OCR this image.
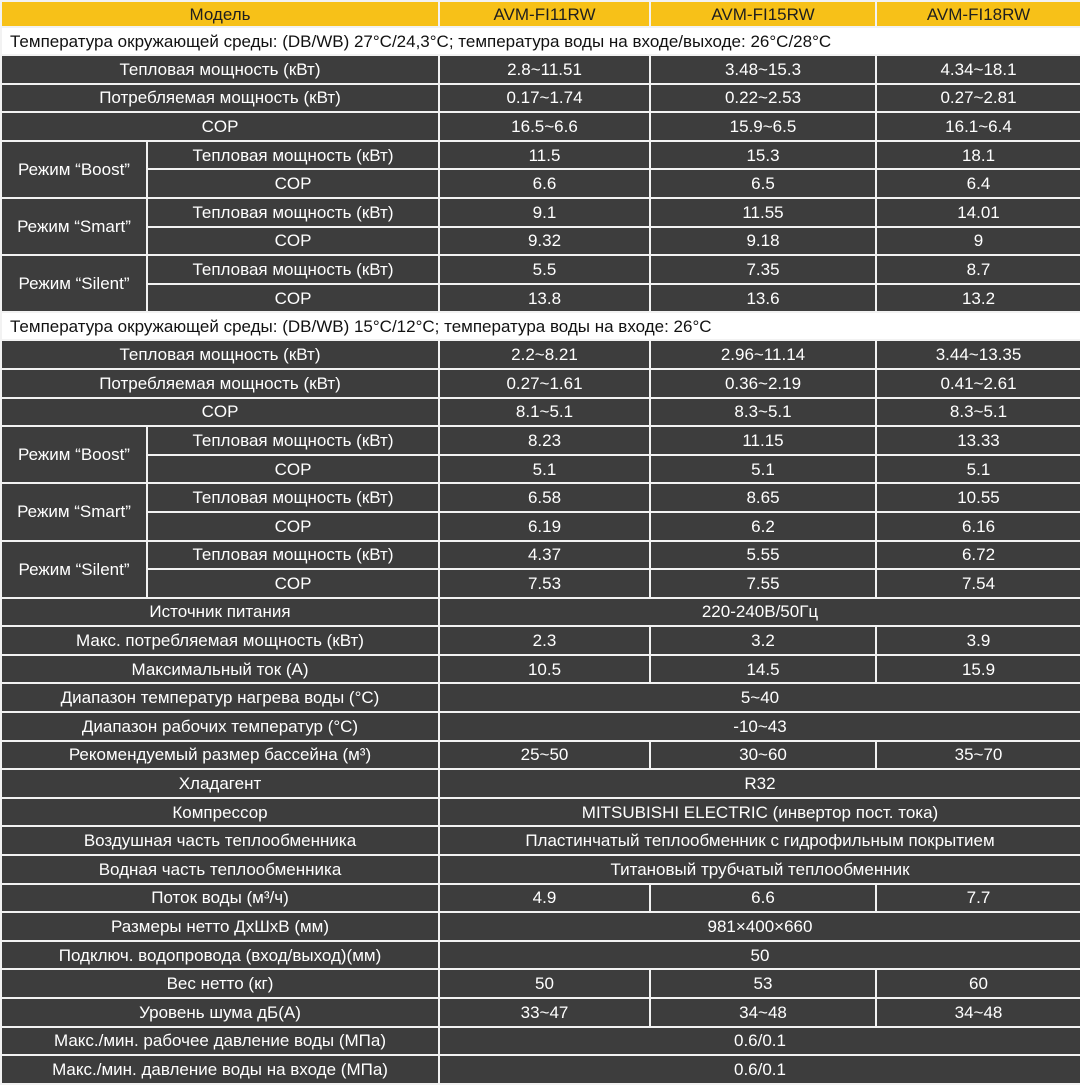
Модель		AVM-FI11RW	AVM-FI15RW	AVM-FI18RW
Температура окружающей среды: (DB/WB) 27°C/24,3°C; температура воды на входе/выходе: 26°C/28°C				
Тепловая мощность (кВт)		2.8~11.51	3.48~15.3	4.34~18.1
Потребляемая мощность (кВт)		0.17~1.74	0.22~2.53	0.27~2.81
COP		16.5~6.6	15.9~6.5	16.1~6.4
Режим “Boost”	Тепловая мощность (кВт)	11.5	15.3	18.1
	COP	6.6	6.5	6.4
Режим “Smart”	Тепловая мощность (кВт)	9.1	11.55	14.01
	COP	9.32	9.18	9
Режим “Silent”	Тепловая мощность (кВт)	5.5	7.35	8.7
	COP	13.8	13.6	13.2
Температура окружающей среды: (DB/WB) 15°C/12°C; температура воды на входе: 26°C				
Тепловая мощность (кВт)		2.2~8.21	2.96~11.14	3.44~13.35
Потребляемая мощность (кВт)		0.27~1.61	0.36~2.19	0.41~2.61
COP		8.1~5.1	8.3~5.1	8.3~5.1
Режим “Boost”	Тепловая мощность (кВт)	8.23	11.15	13.33
	COP	5.1	5.1	5.1
Режим “Smart”	Тепловая мощность (кВт)	6.58	8.65	10.55
	COP	6.19	6.2	6.16
Режим “Silent”	Тепловая мощность (кВт)	4.37	5.55	6.72
	COP	7.53	7.55	7.54
Источник питания		220-240В/50Гц		
Макс. потребляемая мощность (кВт)		2.3	3.2	3.9
Максимальный ток (А)		10.5	14.5	15.9
Диапазон температур нагрева воды (°C)		5~40		
Диапазон рабочих температур (°C)		-10~43		
Рекомендуемый размер бассейна (м³)		25~50	30~60	35~70
Хладагент		R32		
Компрессор		MITSUBISHI ELECTRIC (инвертор пост. тока)		
Воздушная часть теплообменника		Пластинчатый теплообменник с гидрофильным покрытием		
Водная часть теплообменника		Титановый трубчатый теплообменник		
Поток воды (м³/ч)		4.9	6.6	7.7
Размеры нетто ДхШхВ (мм)		981×400×660		
Подключ. водопровода (вход/выход)(мм)		50		
Вес нетто (кг)		50	53	60
Уровень шума дБ(А)		33~47	34~48	34~48
Макс./мин. рабочее давление воды (МПа)		0.6/0.1		
Макс./мин. давление воды на входе (МПа)		0.6/0.1		
